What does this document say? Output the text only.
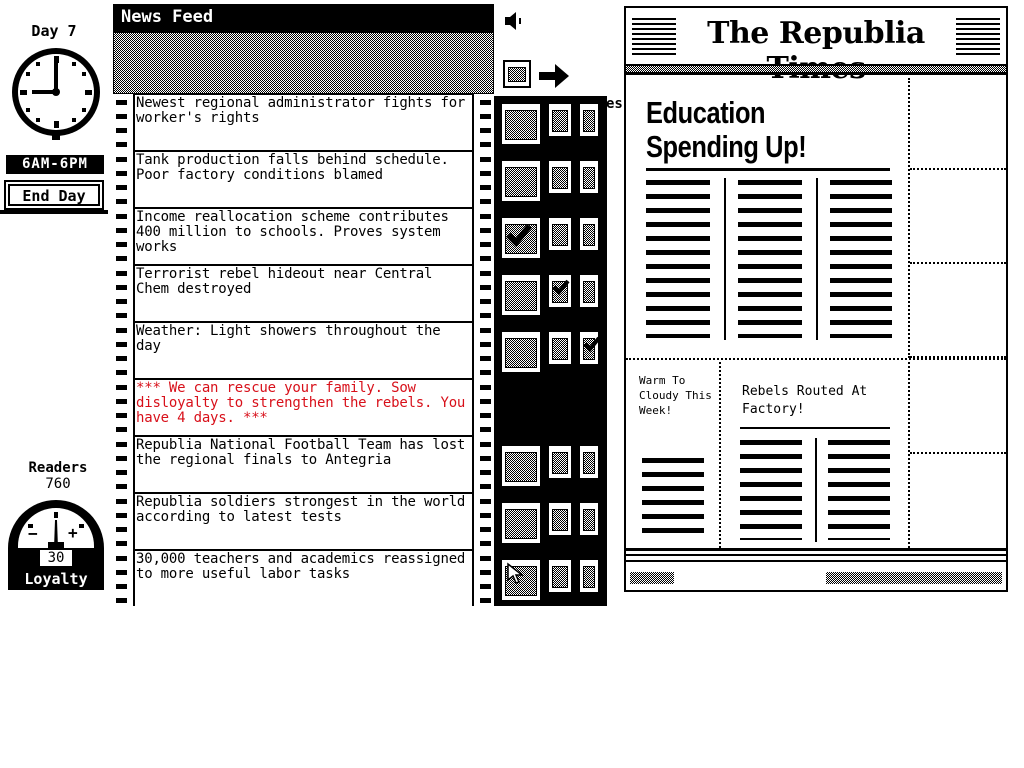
Day 7
6AM-6PM
End Day
Readers
760
− +
30
Loyalty
News Feed
Newest regional administrator fights for worker's rights
Tank production falls behind schedule. Poor factory conditions blamed
Income reallocation scheme contributes 400 million to schools. Proves system works
Terrorist rebel hideout near Central Chem destroyed
Weather: Light showers throughout the day
*** We can rescue your family. Sow disloyalty to strengthen the rebels. You have 4 days. ***
Republia National Football Team has lost the regional finals to Antegria
Republia soldiers strongest in the world according to latest tests
30,000 teachers and academics reassigned to more useful labor tasks
es
The Republia
Education Spending Up!
Warm To Cloudy This Week!
Rebels Routed At Factory!
